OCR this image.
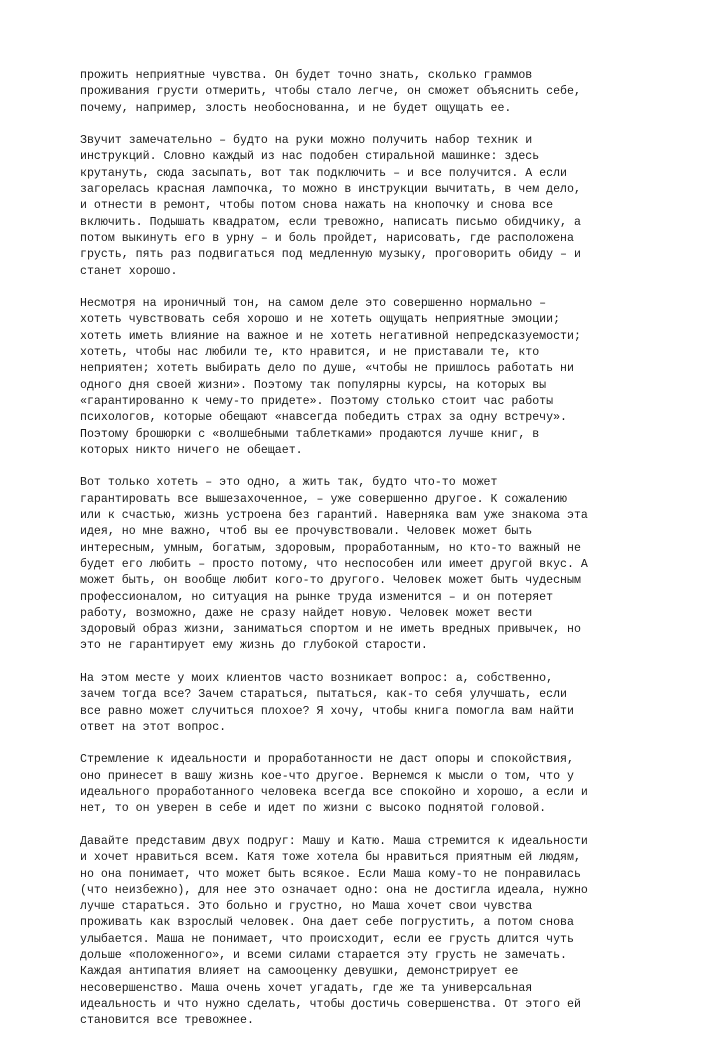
прожить неприятные чувства. Он будет точно знать, сколько граммов
проживания грусти отмерить, чтобы стало легче, он сможет объяснить себе,
почему, например, злость необоснованна, и не будет ощущать ее.

Звучит замечательно – будто на руки можно получить набор техник и
инструкций. Словно каждый из нас подобен стиральной машинке: здесь
крутануть, сюда засыпать, вот так подключить – и все получится. А если
загорелась красная лампочка, то можно в инструкции вычитать, в чем дело,
и отнести в ремонт, чтобы потом снова нажать на кнопочку и снова все
включить. Подышать квадратом, если тревожно, написать письмо обидчику, а
потом выкинуть его в урну – и боль пройдет, нарисовать, где расположена
грусть, пять раз подвигаться под медленную музыку, проговорить обиду – и
станет хорошо.

Несмотря на ироничный тон, на самом деле это совершенно нормально –
хотеть чувствовать себя хорошо и не хотеть ощущать неприятные эмоции;
хотеть иметь влияние на важное и не хотеть негативной непредсказуемости;
хотеть, чтобы нас любили те, кто нравится, и не приставали те, кто
неприятен; хотеть выбирать дело по душе, «чтобы не пришлось работать ни
одного дня своей жизни». Поэтому так популярны курсы, на которых вы
«гарантированно к чему-то придете». Поэтому столько стоит час работы
психологов, которые обещают «навсегда победить страх за одну встречу».
Поэтому брошюрки с «волшебными таблетками» продаются лучше книг, в
которых никто ничего не обещает.

Вот только хотеть – это одно, а жить так, будто что-то может
гарантировать все вышезахоченное, – уже совершенно другое. К сожалению
или к счастью, жизнь устроена без гарантий. Наверняка вам уже знакома эта
идея, но мне важно, чтоб вы ее прочувствовали. Человек может быть
интересным, умным, богатым, здоровым, проработанным, но кто-то важный не
будет его любить – просто потому, что неспособен или имеет другой вкус. А
может быть, он вообще любит кого-то другого. Человек может быть чудесным
профессионалом, но ситуация на рынке труда изменится – и он потеряет
работу, возможно, даже не сразу найдет новую. Человек может вести
здоровый образ жизни, заниматься спортом и не иметь вредных привычек, но
это не гарантирует ему жизнь до глубокой старости.

На этом месте у моих клиентов часто возникает вопрос: а, собственно,
зачем тогда все? Зачем стараться, пытаться, как-то себя улучшать, если
все равно может случиться плохое? Я хочу, чтобы книга помогла вам найти
ответ на этот вопрос.

Стремление к идеальности и проработанности не даст опоры и спокойствия,
оно принесет в вашу жизнь кое-что другое. Вернемся к мысли о том, что у
идеального проработанного человека всегда все спокойно и хорошо, а если и
нет, то он уверен в себе и идет по жизни с высоко поднятой головой.

Давайте представим двух подруг: Машу и Катю. Маша стремится к идеальности
и хочет нравиться всем. Катя тоже хотела бы нравиться приятным ей людям,
но она понимает, что может быть всякое. Если Маша кому-то не понравилась
(что неизбежно), для нее это означает одно: она не достигла идеала, нужно
лучше стараться. Это больно и грустно, но Маша хочет свои чувства
проживать как взрослый человек. Она дает себе погрустить, а потом снова
улыбается. Маша не понимает, что происходит, если ее грусть длится чуть
дольше «положенного», и всеми силами старается эту грусть не замечать.
Каждая антипатия влияет на самооценку девушки, демонстрирует ее
несовершенство. Маша очень хочет угадать, где же та универсальная
идеальность и что нужно сделать, чтобы достичь совершенства. От этого ей
становится все тревожнее.
